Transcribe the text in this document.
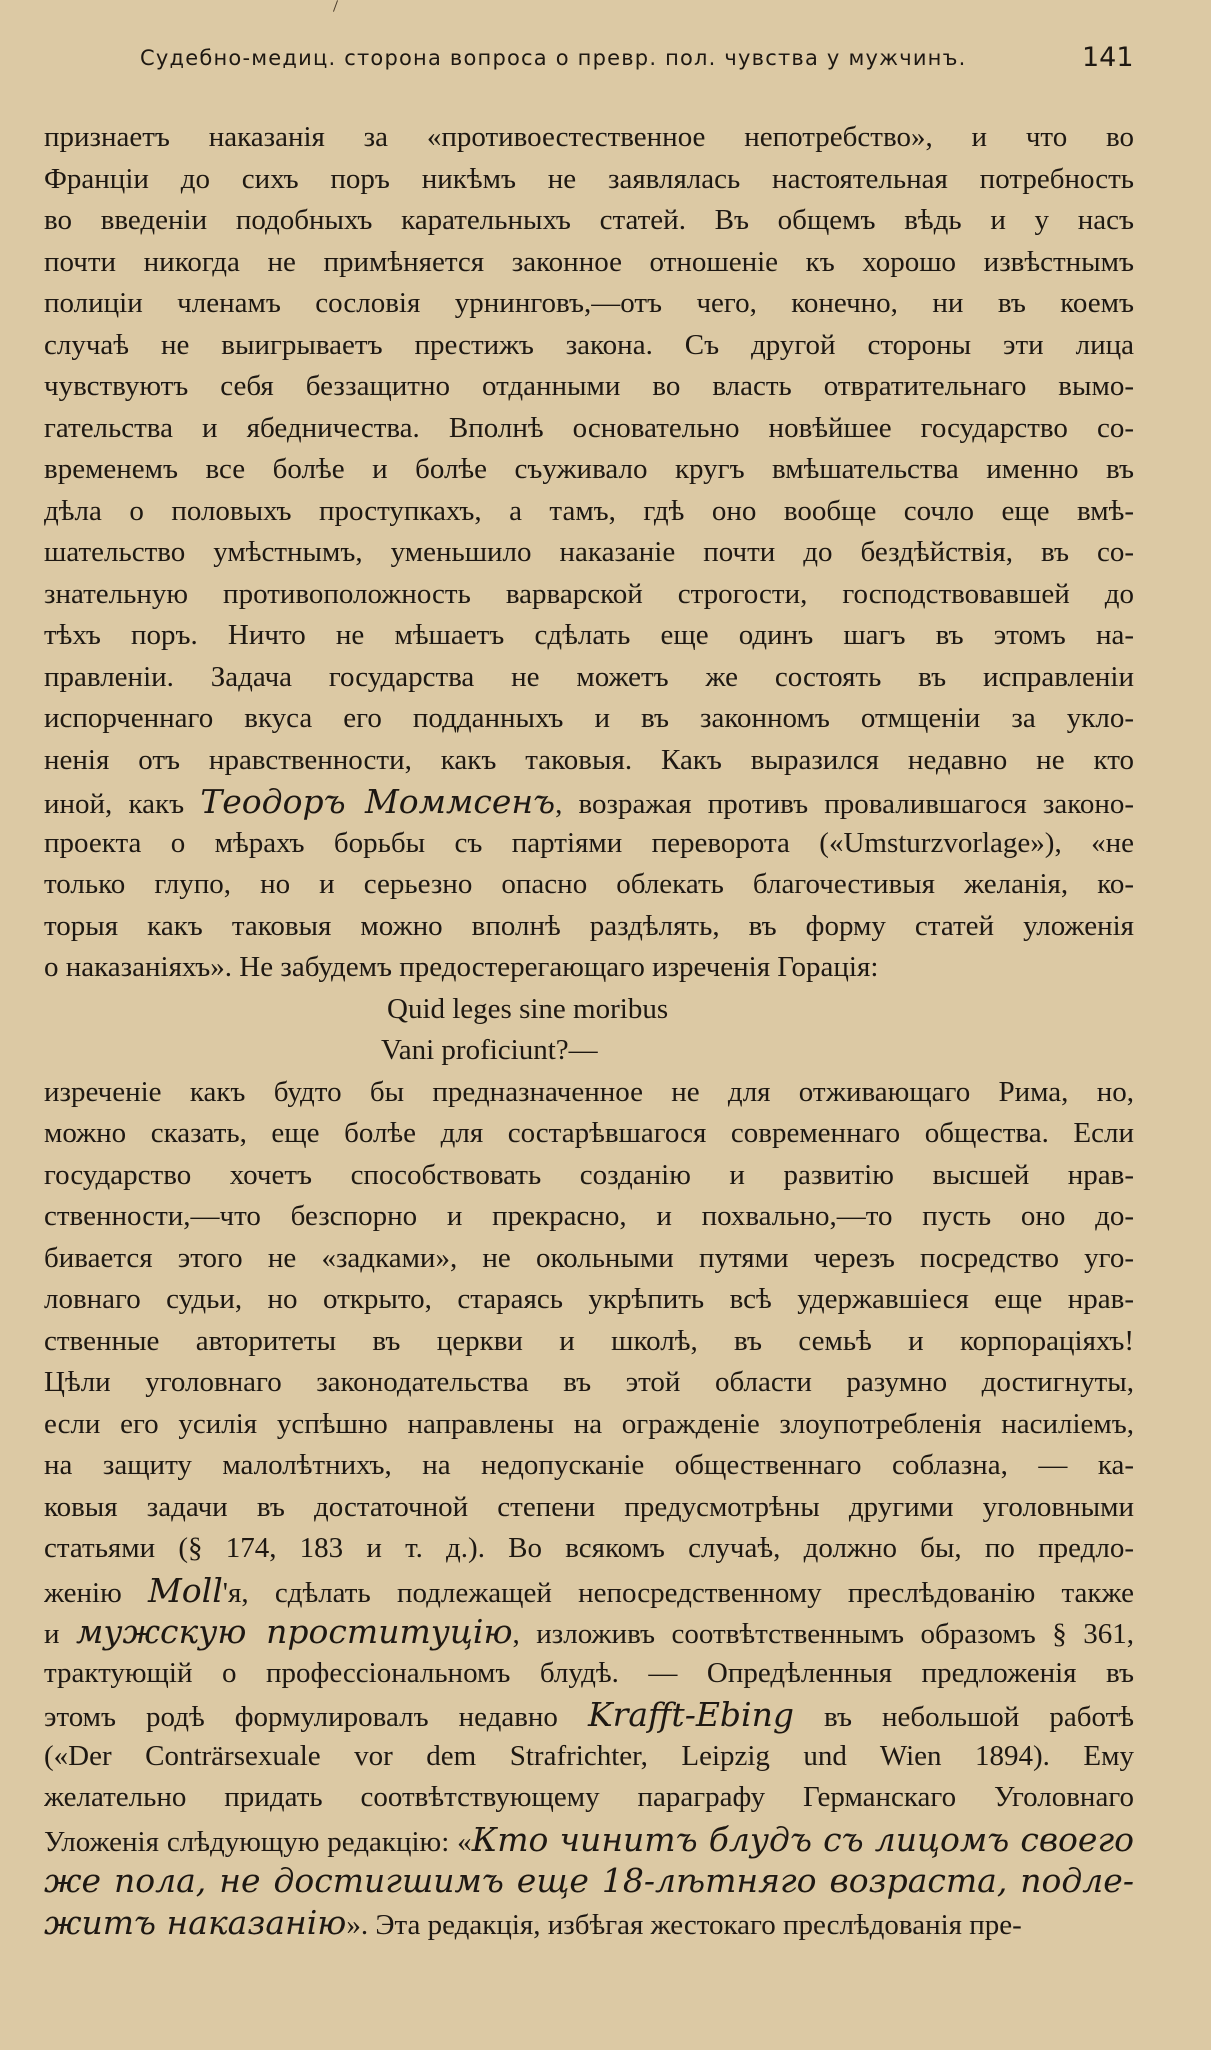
Судебно-медиц. сторона вопроса о превр. пол. чувства у мужчинъ.	141
признаетъ наказанія за «противоестественное непотребство», и что во
Франціи до сихъ поръ никѣмъ не заявлялась настоятельная потребность
во введеніи подобныхъ карательныхъ статей. Въ общемъ вѣдь и у насъ
почти никогда не примѣняется законное отношеніе къ хорошо извѣстнымъ
полиціи членамъ сословія урнинговъ,—отъ чего, конечно, ни въ коемъ
случаѣ не выигрываетъ престижъ закона. Съ другой стороны эти лица
чувствуютъ себя беззащитно отданными во власть отвратительнаго вымо-
гательства и ябедничества. Вполнѣ основательно новѣйшее государство со-
временемъ все болѣе и болѣе съуживало кругъ вмѣшательства именно въ
дѣла о половыхъ проступкахъ, а тамъ, гдѣ оно вообще сочло еще вмѣ-
шательство умѣстнымъ, уменьшило наказаніе почти до бездѣйствія, въ со-
знательную противоположность варварской строгости, господствовавшей до
тѣхъ поръ. Ничто не мѣшаетъ сдѣлать еще одинъ шагъ въ этомъ на-
правленіи. Задача государства не можетъ же состоять въ исправленіи
испорченнаго вкуса его подданныхъ и въ законномъ отмщеніи за укло-
ненія отъ нравственности, какъ таковыя. Какъ выразился недавно не кто
иной, какъ Теодоръ Моммсенъ, возражая противъ провалившагося законо-
проекта о мѣрахъ борьбы съ партіями переворота («Umsturzvorlage»), «не
только глупо, но и серьезно опасно облекать благочестивыя желанія, ко-
торыя какъ таковыя можно вполнѣ раздѣлять, въ форму статей уложенія
о наказаніяхъ». Не забудемъ предостерегающаго изреченія Горація:
Quid leges sine moribus
Vani proficiunt?—
изреченіе какъ будто бы предназначенное не для отживающаго Рима, но,
можно сказать, еще болѣе для состарѣвшагося современнаго общества. Если
государство хочетъ способствовать созданію и развитію высшей нрав-
ственности,—что безспорно и прекрасно, и похвально,—то пусть оно до-
бивается этого не «задками», не окольными путями черезъ посредство уго-
ловнаго судьи, но открыто, стараясь укрѣпить всѣ удержавшіеся еще нрав-
ственные авторитеты въ церкви и школѣ, въ семьѣ и корпораціяхъ!
Цѣли уголовнаго законодательства въ этой области разумно достигнуты,
если его усилія успѣшно направлены на огражденіе злоупотребленія насиліемъ,
на защиту малолѣтнихъ, на недопусканіе общественнаго соблазна, — ка-
ковыя задачи въ достаточной степени предусмотрѣны другими уголовными
статьями (§ 174, 183 и т. д.). Во всякомъ случаѣ, должно бы, по предло-
женію Moll'я, сдѣлать подлежащей непосредственному преслѣдованію также
и мужскую проституцію, изложивъ соотвѣтственнымъ образомъ § 361,
трактующій о профессіональномъ блудѣ. — Опредѣленныя предложенія въ
этомъ родѣ формулировалъ недавно Krafft-Ebing въ небольшой работѣ
(«Der Conträrsexuale vor dem Strafrichter, Leipzig und Wien 1894). Ему
желательно придать соотвѣтствующему параграфу Германскаго Уголовнаго
Уложенія слѣдующую редакцію: «Кто чинитъ блудъ съ лицомъ своего
же пола, не достигшимъ еще 18-лѣтняго возраста, подле-
житъ наказанію». Эта редакція, избѣгая жестокаго преслѣдованія пре-
